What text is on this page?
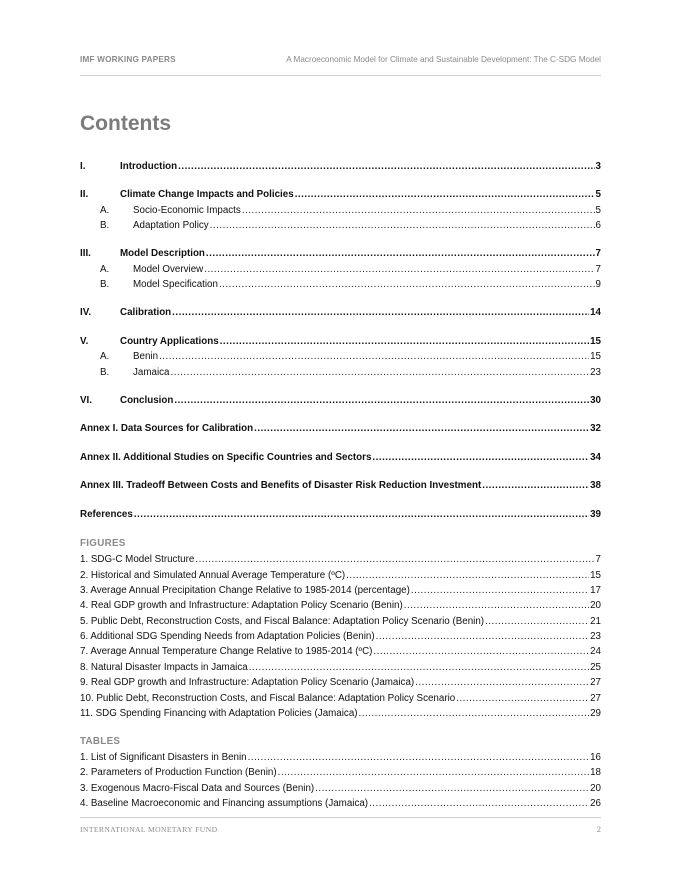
IMF WORKING PAPERS	A Macroeconomic Model for Climate and Sustainable Development: The C-SDG Model
Contents
I.	Introduction .....	3
II.	Climate Change Impacts and Policies .....	5
A.	Socio-Economic Impacts .....	5
B.	Adaptation Policy .....	6
III.	Model Description .....	7
A.	Model Overview .....	7
B.	Model Specification .....	9
IV.	Calibration .....	14
V.	Country Applications .....	15
A.	Benin .....	15
B.	Jamaica .....	23
VI.	Conclusion .....	30
Annex I. Data Sources for Calibration .....	32
Annex II. Additional Studies on Specific Countries and Sectors .....	34
Annex III. Tradeoff Between Costs and Benefits of Disaster Risk Reduction Investment .....	38
References .....	39
FIGURES
1. SDG-C Model Structure .....	7
2. Historical and Simulated Annual Average Temperature (ºC) .....	15
3. Average Annual Precipitation Change Relative to 1985-2014 (percentage) .....	17
4. Real GDP growth and Infrastructure: Adaptation Policy Scenario (Benin) .....	20
5. Public Debt, Reconstruction Costs, and Fiscal Balance: Adaptation Policy Scenario (Benin) .....	21
6. Additional SDG Spending Needs from Adaptation Policies (Benin) .....	23
7. Average Annual Temperature Change Relative to 1985-2014 (ºC) .....	24
8. Natural Disaster Impacts in Jamaica .....	25
9. Real GDP growth and Infrastructure: Adaptation Policy Scenario (Jamaica) .....	27
10. Public Debt, Reconstruction Costs, and Fiscal Balance: Adaptation Policy Scenario .....	27
11. SDG Spending Financing with Adaptation Policies (Jamaica) .....	29
TABLES
1. List of Significant Disasters in Benin .....	16
2. Parameters of Production Function (Benin) .....	18
3. Exogenous Macro-Fiscal Data and Sources (Benin) .....	20
4. Baseline Macroeconomic and Financing assumptions (Jamaica) .....	26
INTERNATIONAL MONETARY FUND	2
